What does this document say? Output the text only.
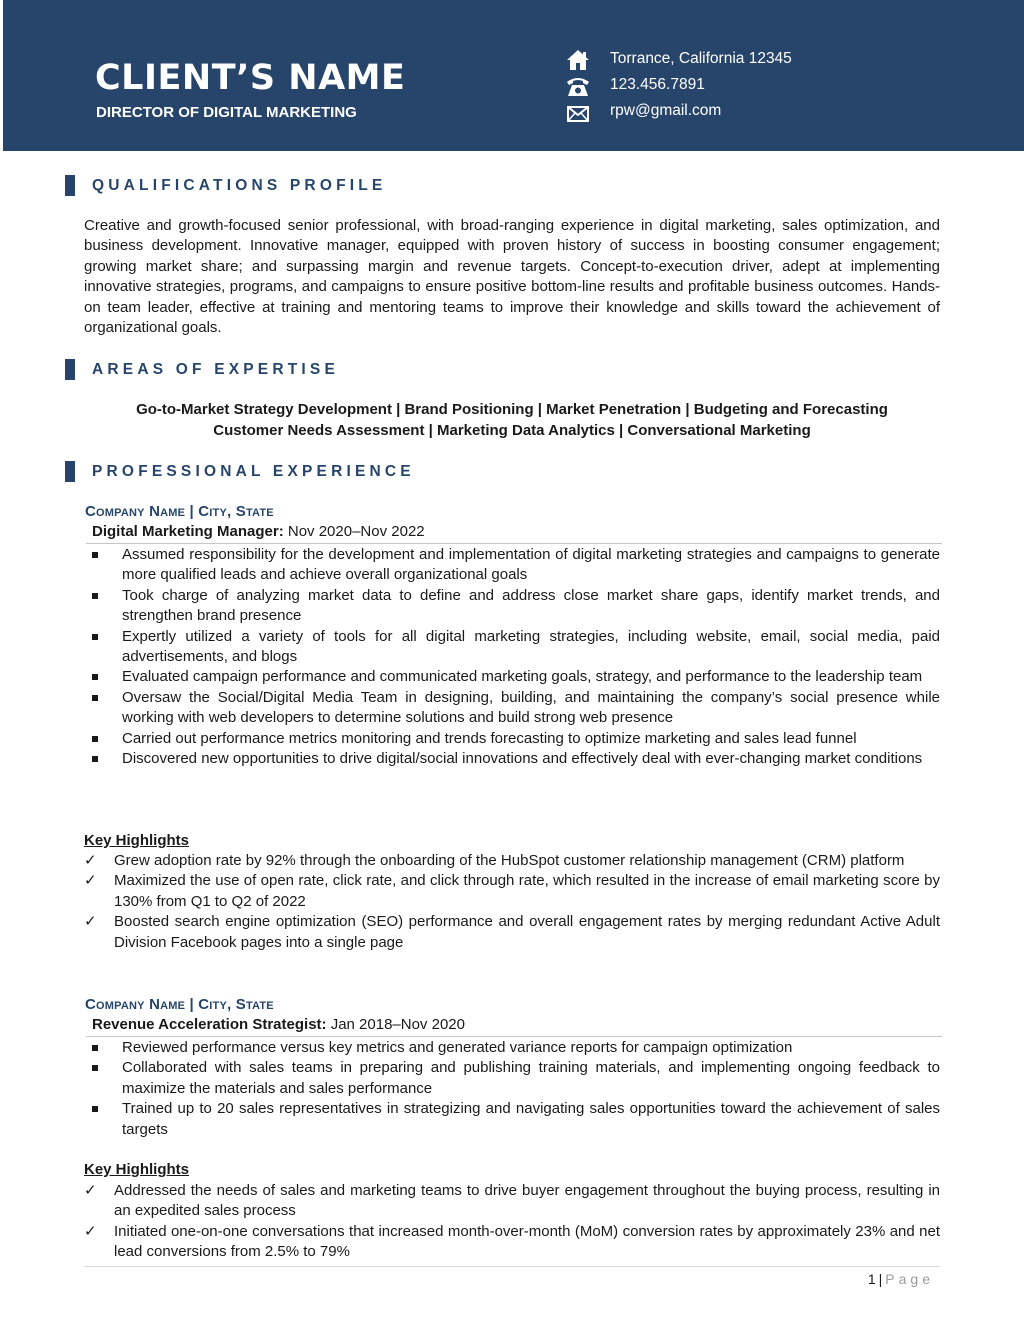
CLIENT’S NAME
DIRECTOR OF DIGITAL MARKETING
Torrance, California 12345
123.456.7891
rpw@gmail.com
QUALIFICATIONS PROFILE
Creative and growth-focused senior professional, with broad-ranging experience in digital marketing, sales optimization, and business development. Innovative manager, equipped with proven history of success in boosting consumer engagement; growing market share; and surpassing margin and revenue targets. Concept-to-execution driver, adept at implementing innovative strategies, programs, and campaigns to ensure positive bottom-line results and profitable business outcomes. Hands-on team leader, effective at training and mentoring teams to improve their knowledge and skills toward the achievement of organizational goals.
AREAS OF EXPERTISE
Go-to-Market Strategy Development | Brand Positioning | Market Penetration | Budgeting and Forecasting
Customer Needs Assessment | Marketing Data Analytics | Conversational Marketing
PROFESSIONAL EXPERIENCE
Company Name | City, State
Digital Marketing Manager: Nov 2020–Nov 2022
Assumed responsibility for the development and implementation of digital marketing strategies and campaigns to generate more qualified leads and achieve overall organizational goals
Took charge of analyzing market data to define and address close market share gaps, identify market trends, and strengthen brand presence
Expertly utilized a variety of tools for all digital marketing strategies, including website, email, social media, paid advertisements, and blogs
Evaluated campaign performance and communicated marketing goals, strategy, and performance to the leadership team
Oversaw the Social/Digital Media Team in designing, building, and maintaining the company’s social presence while working with web developers to determine solutions and build strong web presence
Carried out performance metrics monitoring and trends forecasting to optimize marketing and sales lead funnel
Discovered new opportunities to drive digital/social innovations and effectively deal with ever-changing market conditions
Key Highlights
✓ Grew adoption rate by 92% through the onboarding of the HubSpot customer relationship management (CRM) platform
✓ Maximized the use of open rate, click rate, and click through rate, which resulted in the increase of email marketing score by 130% from Q1 to Q2 of 2022
✓ Boosted search engine optimization (SEO) performance and overall engagement rates by merging redundant Active Adult Division Facebook pages into a single page
Company Name | City, State
Revenue Acceleration Strategist: Jan 2018–Nov 2020
Reviewed performance versus key metrics and generated variance reports for campaign optimization
Collaborated with sales teams in preparing and publishing training materials, and implementing ongoing feedback to maximize the materials and sales performance
Trained up to 20 sales representatives in strategizing and navigating sales opportunities toward the achievement of sales targets
Key Highlights
✓ Addressed the needs of sales and marketing teams to drive buyer engagement throughout the buying process, resulting in an expedited sales process
✓ Initiated one-on-one conversations that increased month-over-month (MoM) conversion rates by approximately 23% and net lead conversions from 2.5% to 79%
1 | Page
